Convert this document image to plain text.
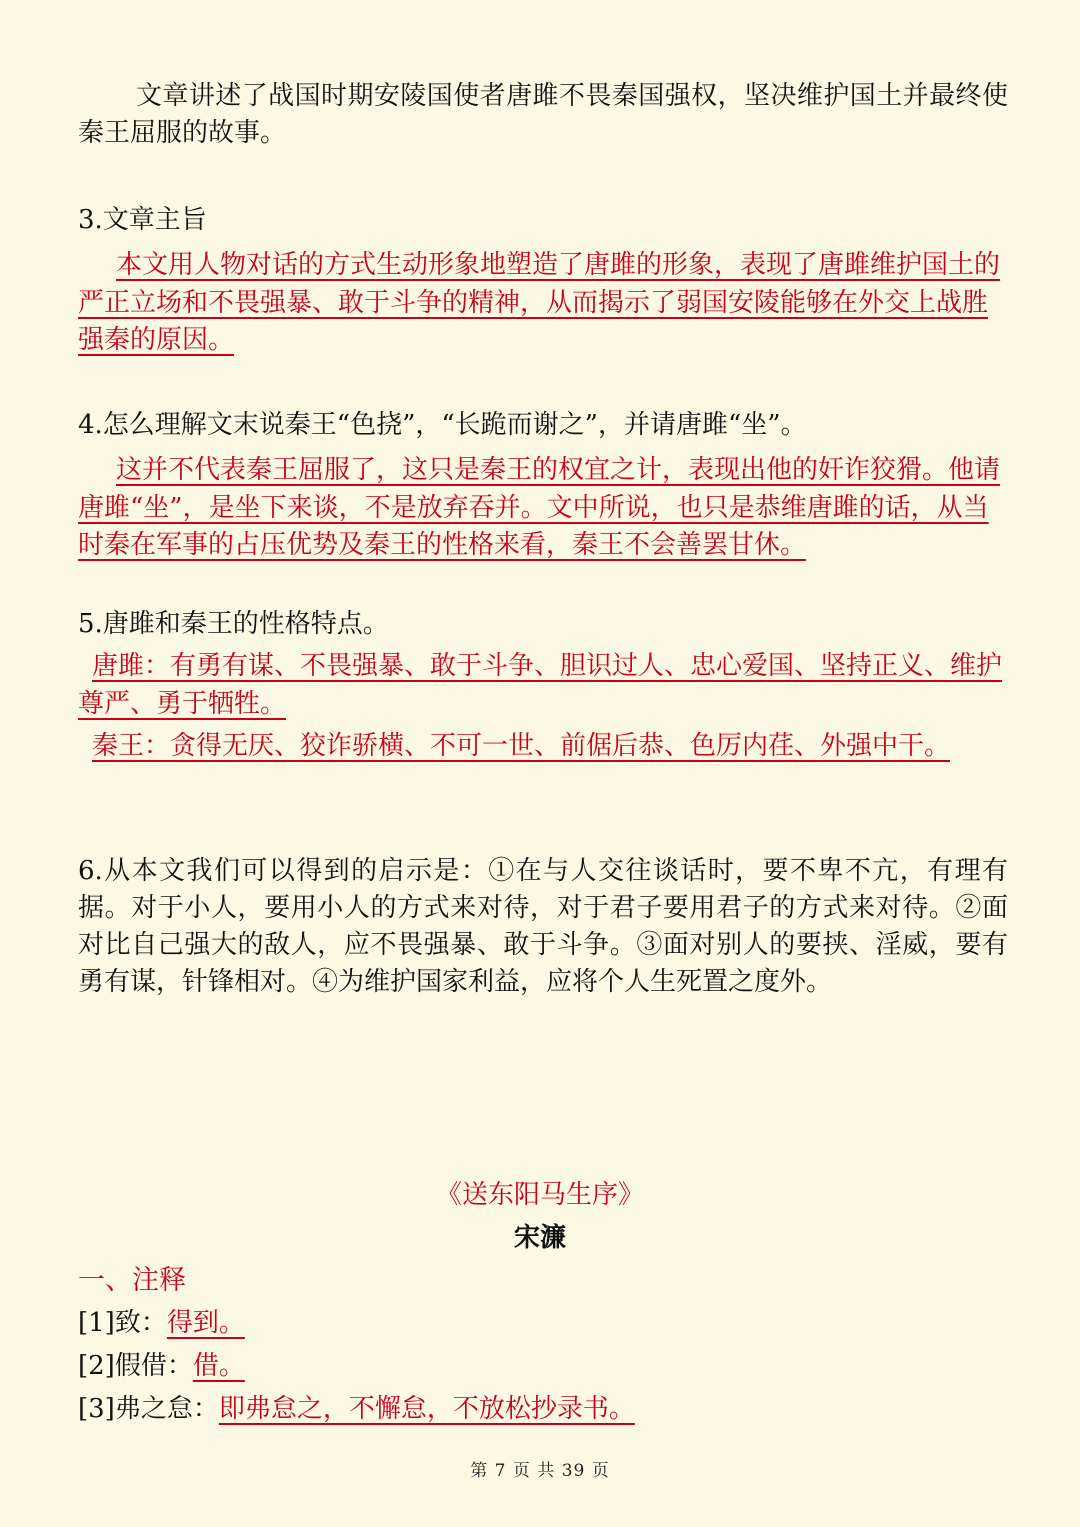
文章讲述了战国时期安陵国使者唐雎不畏秦国强权，坚决维护国土并最终使秦王屈服的故事。

3.文章主旨

本文用人物对话的方式生动形象地塑造了唐雎的形象，表现了唐雎维护国土的严正立场和不畏强暴、敢于斗争的精神，从而揭示了弱国安陵能够在外交上战胜强秦的原因。

4.怎么理解文末说秦王“色挠”，“长跪而谢之”，并请唐雎“坐”。

这并不代表秦王屈服了，这只是秦王的权宜之计，表现出他的奸诈狡猾。他请唐雎“坐”，是坐下来谈，不是放弃吞并。文中所说，也只是恭维唐雎的话，从当时秦在军事的占压优势及秦王的性格来看，秦王不会善罢甘休。

5.唐雎和秦王的性格特点。

唐雎：有勇有谋、不畏强暴、敢于斗争、胆识过人、忠心爱国、坚持正义、维护尊严、勇于牺牲。

秦王：贪得无厌、狡诈骄横、不可一世、前倨后恭、色厉内荏、外强中干。

6.从本文我们可以得到的启示是：①在与人交往谈话时，要不卑不亢，有理有据。对于小人，要用小人的方式来对待，对于君子要用君子的方式来对待。②面对比自己强大的敌人，应不畏强暴、敢于斗争。③面对别人的要挟、淫威，要有勇有谋，针锋相对。④为维护国家利益，应将个人生死置之度外。

《送东阳马生序》
宋濂

一、注释

[1]致：得到。

[2]假借：借。

[3]弗之怠：即弗怠之，不懈怠，不放松抄录书。

第 7 页 共 39 页
